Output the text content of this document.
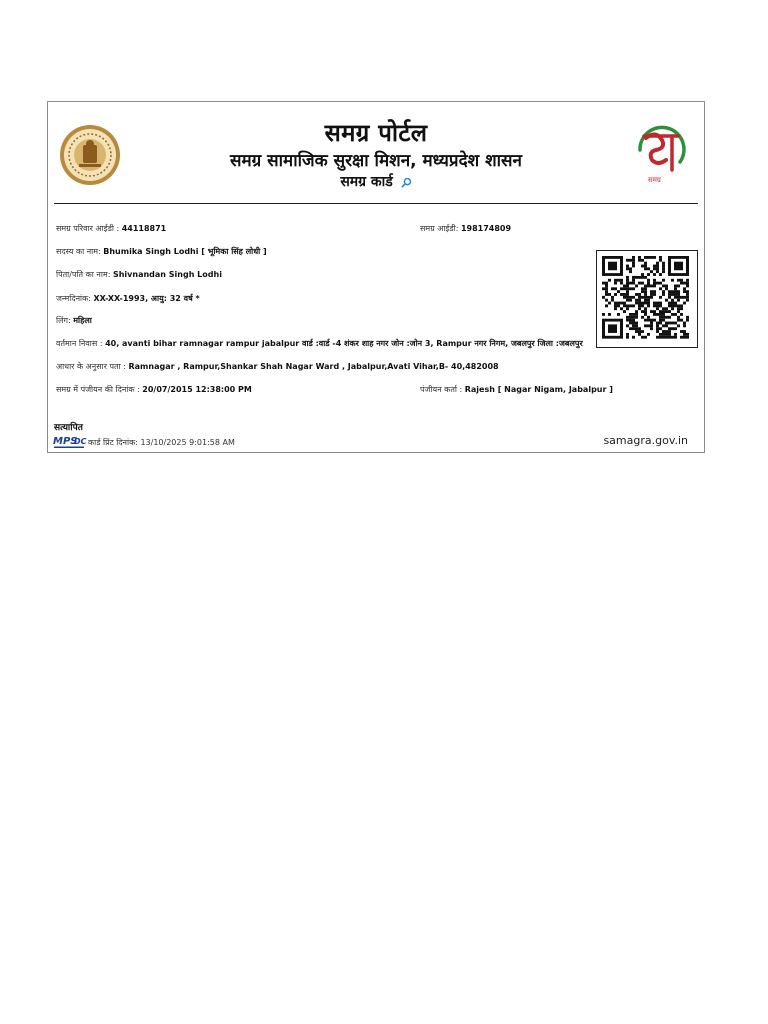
समग्र पोर्टल
समग्र सामाजिक सुरक्षा मिशन, मध्यप्रदेश शासन
समग्र कार्ड	समग्र
समग्र परिवार आईडी : 44118871	समग्र आईडी: 198174809
सदस्य का नाम: Bhumika Singh Lodhi [ भूमिका सिंह लोधी ]
पिता/पति का नाम: Shivnandan Singh Lodhi
जन्मदिनांक: XX-XX-1993, आयु: 32 वर्ष *
लिंग: महिला
वर्तमान निवास : 40, avanti bihar ramnagar rampur jabalpur वार्ड :वार्ड -4 शंकर शाह नगर जोन :जोन 3, Rampur नगर निगम, जबलपुर जिला :जबलपुर
आधार के अनुसार पता : Ramnagar , Rampur,Shankar Shah Nagar Ward , Jabalpur,Avati Vihar,B- 40,482008
समग्र में पंजीयन की दिनांक : 20/07/2015 12:38:00 PM	पंजीयन कर्ता : Rajesh [ Nagar Nigam, Jabalpur ]
सत्यापित
MPS
DC कार्ड प्रिंट दिनांक: 13/10/2025 9:01:58 AM	samagra.gov.in
